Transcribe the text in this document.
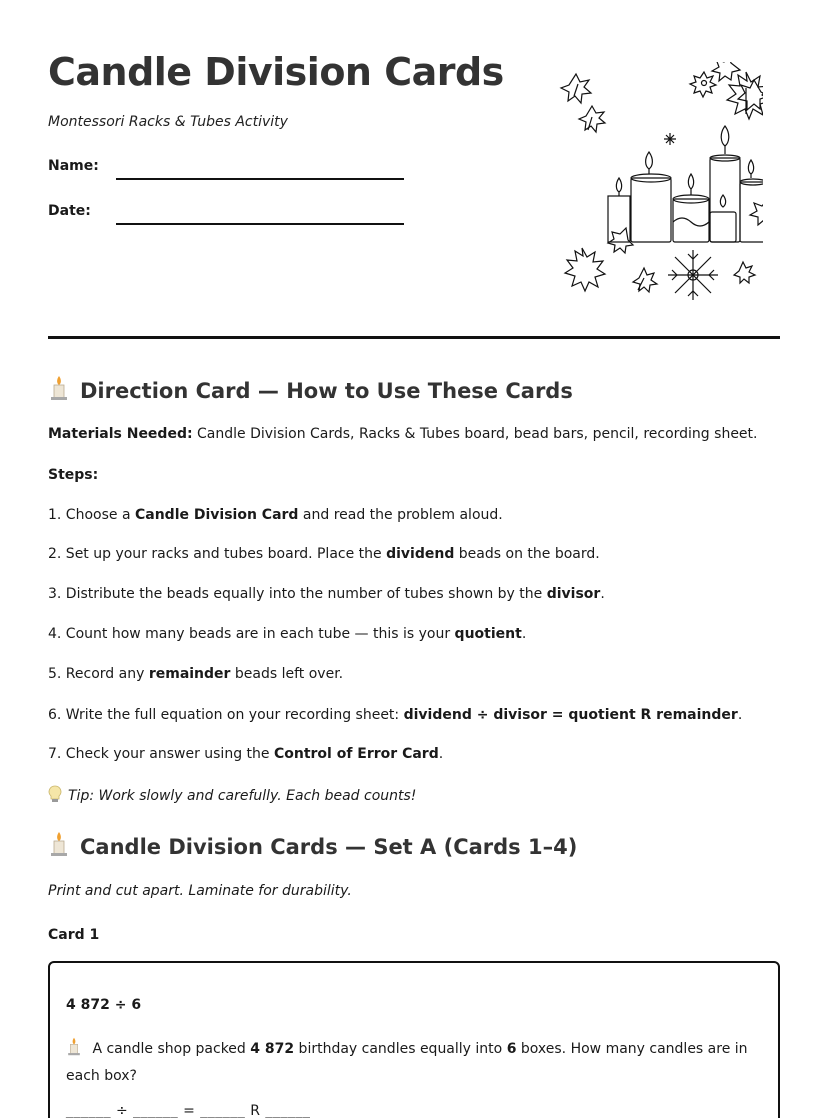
Candle Division Cards
Montessori Racks & Tubes Activity
Name:
Date:
Direction Card — How to Use These Cards
Materials Needed: Candle Division Cards, Racks & Tubes board, bead bars, pencil, recording sheet.
Steps:
1. Choose a Candle Division Card and read the problem aloud.
2. Set up your racks and tubes board. Place the dividend beads on the board.
3. Distribute the beads equally into the number of tubes shown by the divisor.
4. Count how many beads are in each tube — this is your quotient.
5. Record any remainder beads left over.
6. Write the full equation on your recording sheet: dividend ÷ divisor = quotient R remainder.
7. Check your answer using the Control of Error Card.
Tip: Work slowly and carefully. Each bead counts!
Candle Division Cards — Set A (Cards 1–4)
Print and cut apart. Laminate for durability.
Card 1
4 872 ÷ 6
A candle shop packed 4 872 birthday candles equally into 6 boxes. How many candles are in each box?
______ ÷ ______ = ______ R ______
